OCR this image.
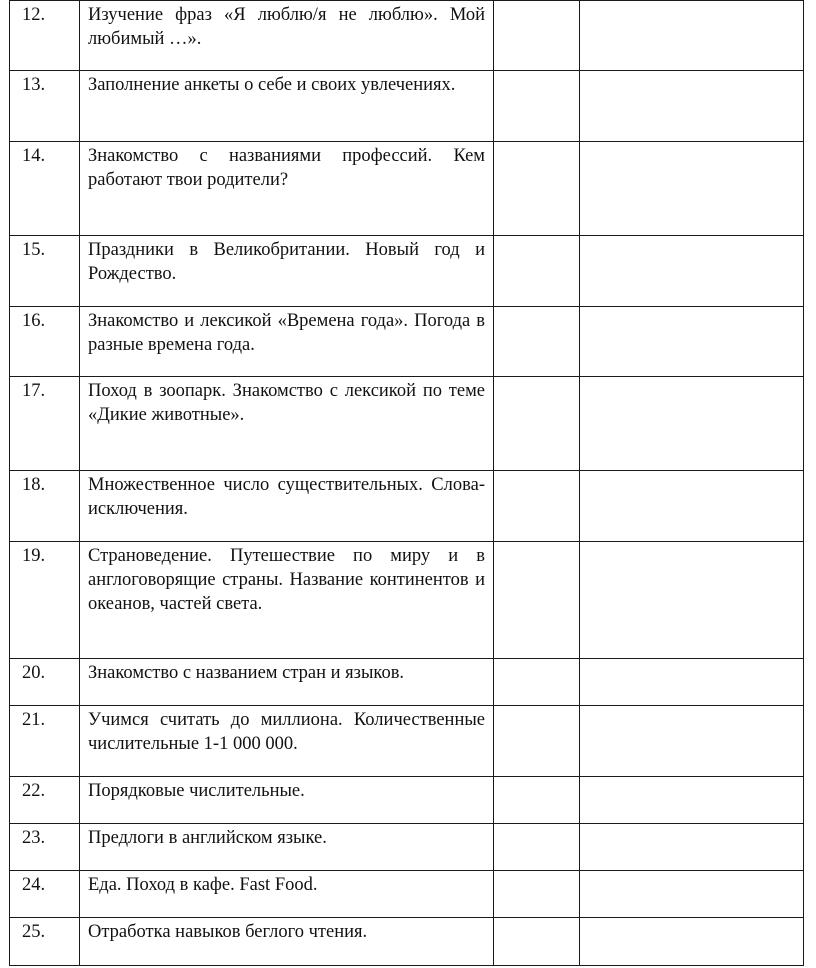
12.	Изучение фраз «Я люблю/я не люблю». Мой любимый …».		
13.	Заполнение анкеты о себе и своих увлечениях.		
14.	Знакомство с названиями профессий. Кем работают твои родители?		
15.	Праздники в Великобритании. Новый год и Рождество.		
16.	Знакомство и лексикой «Времена года». Погода в разные времена года.		
17.	Поход в зоопарк. Знакомство с лексикой по теме «Дикие животные».		
18.	Множественное число существительных. Слова-исключения.		
19.	Страноведение. Путешествие по миру и в англоговорящие страны. Название континентов и океанов, частей света.		
20.	Знакомство с названием стран и языков.		
21.	Учимся считать до миллиона. Количественные числительные 1-1 000 000.		
22.	Порядковые числительные.		
23.	Предлоги в английском языке.		
24.	Еда. Поход в кафе. Fast Food.		
25.	Отработка навыков беглого чтения.		
